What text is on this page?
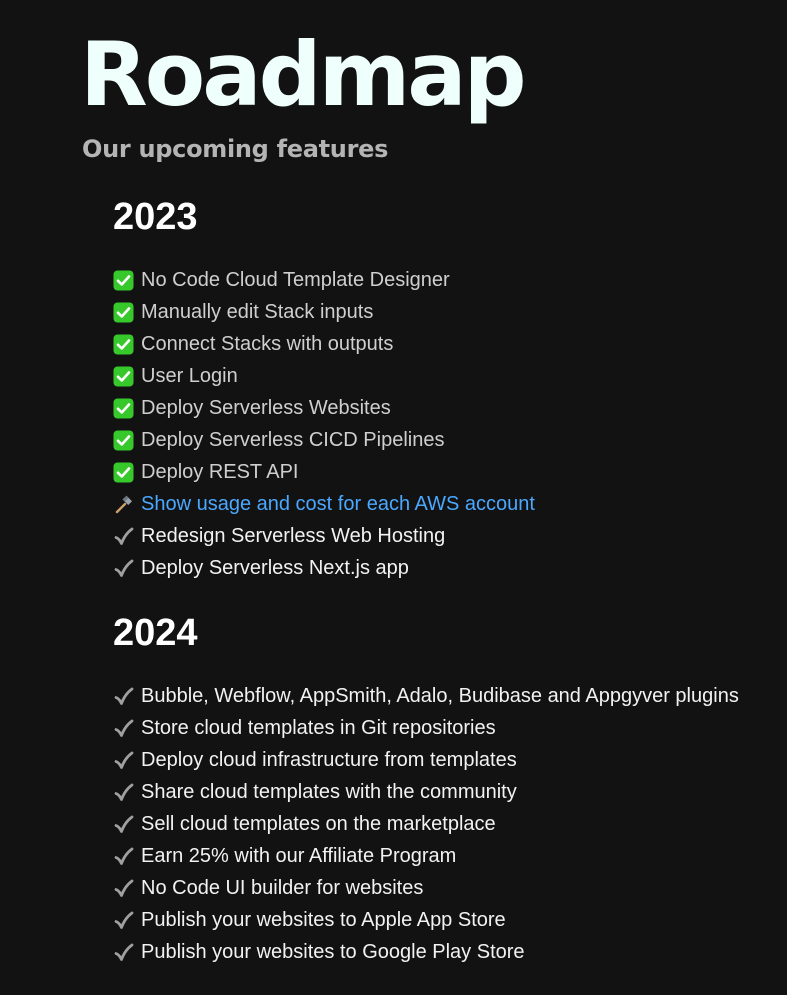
Roadmap

Our upcoming features

2023
No Code Cloud Template Designer
Manually edit Stack inputs
Connect Stacks with outputs
User Login
Deploy Serverless Websites
Deploy Serverless CICD Pipelines
Deploy REST API
Show usage and cost for each AWS account
Redesign Serverless Web Hosting
Deploy Serverless Next.js app
2024
Bubble, Webflow, AppSmith, Adalo, Budibase and Appgyver plugins
Store cloud templates in Git repositories
Deploy cloud infrastructure from templates
Share cloud templates with the community
Sell cloud templates on the marketplace
Earn 25% with our Affiliate Program
No Code UI builder for websites
Publish your websites to Apple App Store
Publish your websites to Google Play Store
